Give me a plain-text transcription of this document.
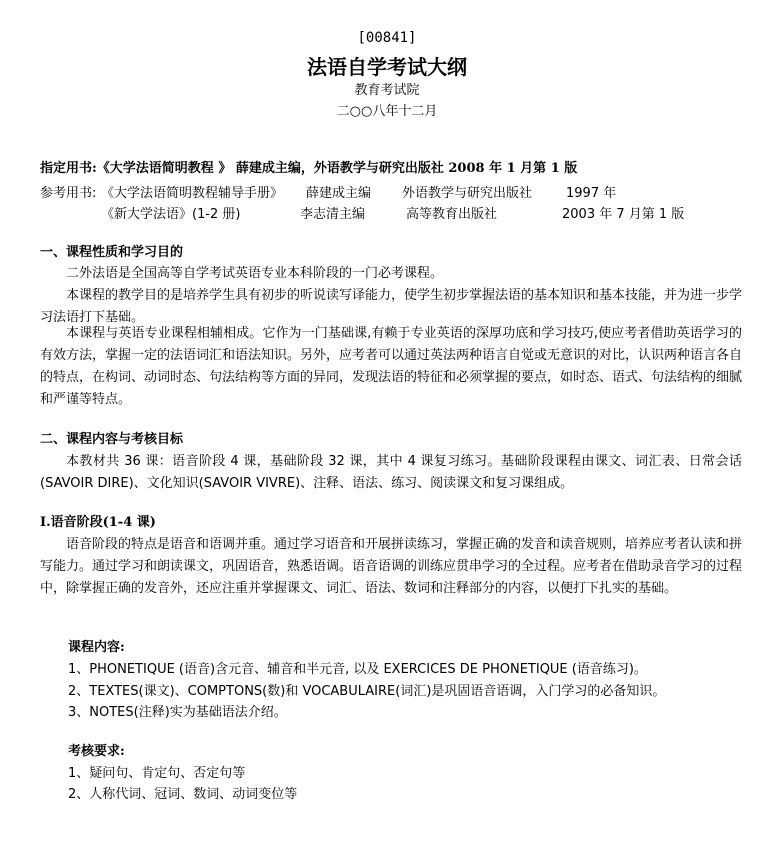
[00841]
法语自学考试大纲
教育考试院
二○○八年十二月
指定用书:《大学法语简明教程 》 薛建成主编，外语教学与研究出版社 2008 年 1 月第 1 版
参考用书: 《大学法语简明教程辅导手册》 薛建成主编 外语教学与研究出版社	1997 年
《新大学法语》(1-2 册)	李志清主编	高等教育出版社	2003 年 7 月第 1 版
一、课程性质和学习目的
二外法语是全国高等自学考试英语专业本科阶段的一门必考课程。
本课程的教学目的是培养学生具有初步的听说读写译能力，使学生初步掌握法语的基本知识和基本技能，并为进一步学习法语打下基础。
本课程与英语专业课程相辅相成。它作为一门基础课,有赖于专业英语的深厚功底和学习技巧,使应考者借助英语学习的有效方法，掌握一定的法语词汇和语法知识。另外，应考者可以通过英法两种语言自觉或无意识的对比，认识两种语言各自的特点，在构词、动词时态、句法结构等方面的异同，发现法语的特征和必须掌握的要点，如时态、语式、句法结构的细腻和严谨等特点。
二、课程内容与考核目标
本教材共 36 课：语音阶段 4 课，基础阶段 32 课，其中 4 课复习练习。基础阶段课程由课文、词汇表、日常会话(SAVOIR DIRE)、文化知识(SAVOIR VIVRE)、注释、语法、练习、阅读课文和复习课组成。
I.语音阶段(1-4 课)
语音阶段的特点是语音和语调并重。通过学习语音和开展拼读练习，掌握正确的发音和读音规则，培养应考者认读和拼写能力。通过学习和朗读课文，巩固语音，熟悉语调。语音语调的训练应贯串学习的全过程。应考者在借助录音学习的过程中，除掌握正确的发音外，还应注重并掌握课文、词汇、语法、数词和注释部分的内容，以便打下扎实的基础。
课程内容:
1、PHONETIQUE (语音)含元音、辅音和半元音, 以及 EXERCICES DE PHONETIQUE (语音练习)。
2、TEXTES(课文)、COMPTONS(数)和 VOCABULAIRE(词汇)是巩固语音语调，入门学习的必备知识。
3、NOTES(注释)实为基础语法介绍。
考核要求:
1、疑问句、肯定句、否定句等
2、人称代词、冠词、数词、动词变位等
